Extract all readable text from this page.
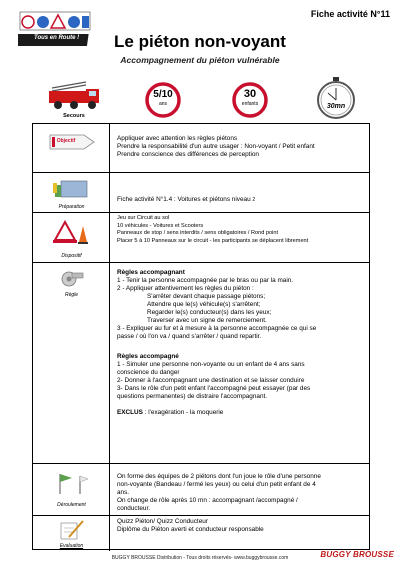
Tous en Route !
Fiche activité N°11
Le piéton non-voyant
Accompagnement du piéton vulnérable
Secours
5/10
ans
30
enfants	30mn
Objectif	Appliquer avec attention les règles piétons
Prendre la responsabilité d'un autre usager : Non-voyant / Petit enfant
Prendre conscience des différences de perception
Préparation
Fiche activité N°1.4 : Voitures et piétons niveau 2
Dispositif
Jeu sur Circuit au sol
10 véhicules - Voitures et Scooters
Panneaux de stop / sens interdits / sens obligatoires / Rond point
Placer 5 à 10 Panneaux sur le circuit - les participants se déplacent librement
Règle
Règles accompagnant
1 - Tenir la personne accompagnée par le bras ou par la main.
2 - Appliquer attentivement les règles du piéton :
S'arrêter devant chaque passage piétons;
Attendre que le(s) véhicule(s) s'arrêtent;
Regarder le(s) conducteur(s) dans les yeux;
Traverser avec un signe de remerciement.
3 - Expliquer au fur et à mesure à la personne accompagnée ce qui se
passe / où l'on va / quand s'arrêter / quand repartir.
Règles accompagné
1 - Simuler une personne non-voyante ou un enfant de 4 ans sans
conscience du danger
2- Donner à l'accompagnant une destination et se laisser conduire
3- Dans le rôle d'un petit enfant l'accompagné peut essayer (par des
questions permanentes) de distraire l'accompagnant.
EXCLUS : l'exagération - la moquerie
Déroulement
On forme des équipes de 2 piétons dont l'un joue le rôle d'une personne
non-voyante (Bandeau / fermé les yeux) ou celui d'un petit enfant de 4
ans.
On change de rôle après 10 mn : accompagnant /accompagné /
conducteur.
Evaluation
Quizz Piéton/ Quizz Conducteur
Diplôme du Piéton averti et conducteur responsable
BUGGY BROUSSE Distribution - Tous droits réservés- www.buggybrousse.com	BUGGY BROUSSE
